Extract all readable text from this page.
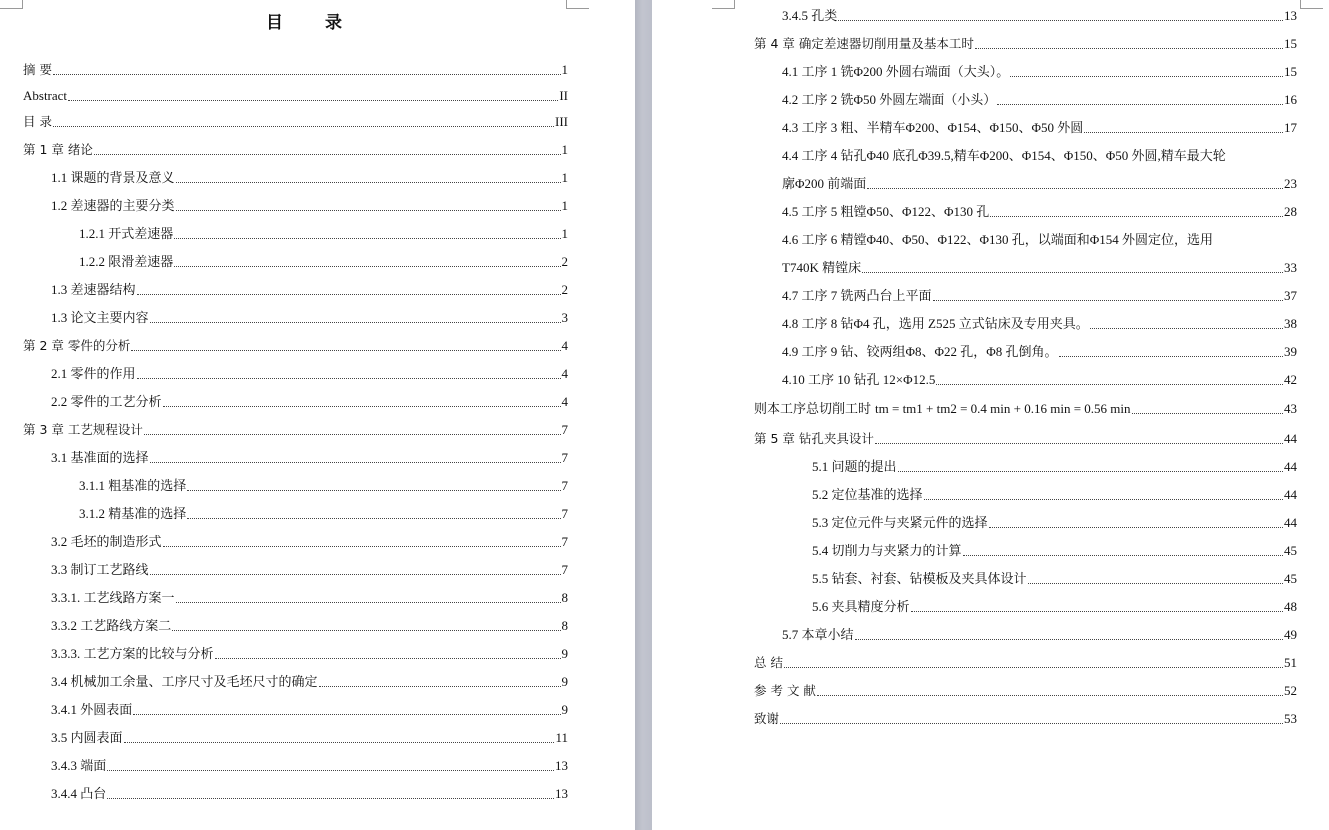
目 录
摘 要	1
Abstract	II
目 录	III
第 1 章 绪论	1
1.1 课题的背景及意义	1
1.2 差速器的主要分类	1
1.2.1 开式差速器	1
1.2.2 限滑差速器	2
1.3 差速器结构	2
1.3 论文主要内容	3
第 2 章 零件的分析	4
2.1 零件的作用	4
2.2 零件的工艺分析	4
第 3 章 工艺规程设计	7
3.1 基准面的选择	7
3.1.1 粗基准的选择	7
3.1.2 精基准的选择	7
3.2 毛坯的制造形式	7
3.3 制订工艺路线	7
3.3.1. 工艺线路方案一	8
3.3.2 工艺路线方案二	8
3.3.3. 工艺方案的比较与分析	9
3.4 机械加工余量、工序尺寸及毛坯尺寸的确定	9
3.4.1 外圆表面	9
3.5 内圆表面	11
3.4.3 端面	13
3.4.4 凸台	13
3.4.5 孔类	13
第 4 章 确定差速器切削用量及基本工时	15
4.1 工序 1 铣Φ200 外圆右端面（大头）。	15
4.2 工序 2 铣Φ50 外圆左端面（小头）	16
4.3 工序 3 粗、半精车Φ200、Φ154、Φ150、Φ50 外圆	17
4.4 工序 4 钻孔Φ40 底孔Φ39.5,精车Φ200、Φ154、Φ150、Φ50 外圆,精车最大轮
廓Φ200 前端面	23
4.5 工序 5 粗镗Φ50、Φ122、Φ130 孔	28
4.6 工序 6 精镗Φ40、Φ50、Φ122、Φ130 孔，以端面和Φ154 外圆定位，选用
T740K 精镗床	33
4.7 工序 7 铣两凸台上平面	37
4.8 工序 8 钻Φ4 孔，选用 Z525 立式钻床及专用夹具。	38
4.9 工序 9 钻、铰两组Φ8、Φ22 孔，Φ8 孔倒角。	39
4.10 工序 10 钻孔 12×Φ12.5	42
则本工序总切削工时 tm = tm1 + tm2 = 0.4 min + 0.16 min = 0.56 min	43
第 5 章 钻孔夹具设计	44
5.1 问题的提出	44
5.2 定位基准的选择	44
5.3 定位元件与夹紧元件的选择	44
5.4 切削力与夹紧力的计算	45
5.5 钻套、衬套、钻模板及夹具体设计	45
5.6 夹具精度分析	48
5.7 本章小结	49
总 结	51
参 考 文 献	52
致谢	53
